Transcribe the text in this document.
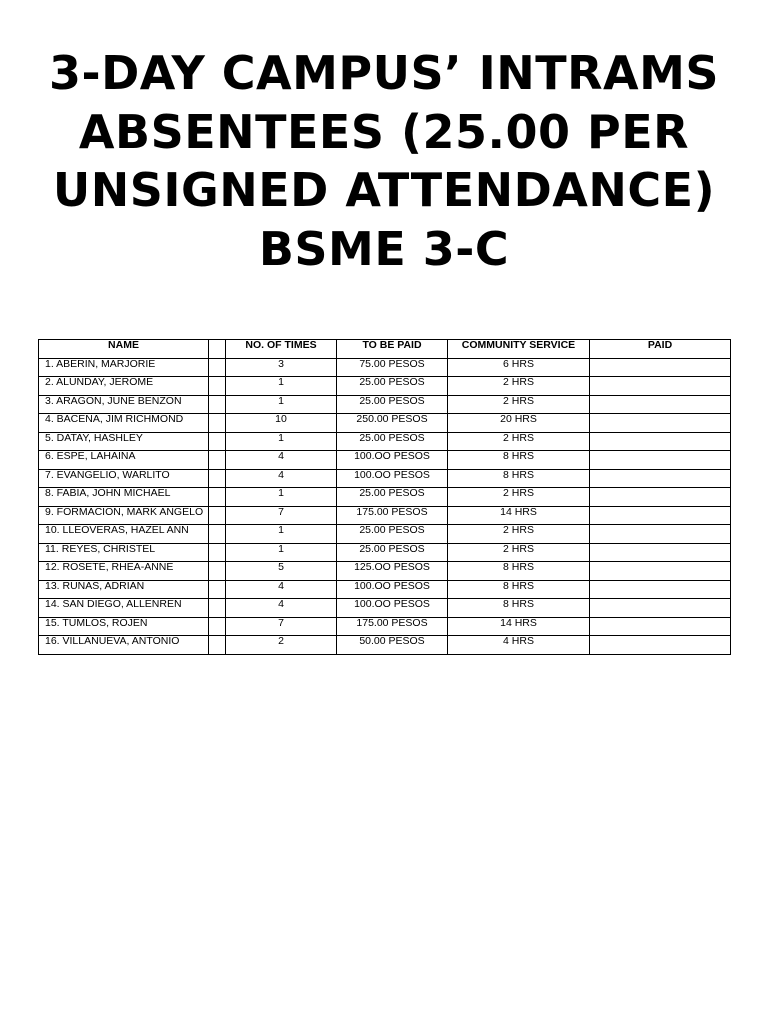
3-DAY CAMPUS’ INTRAMS
ABSENTEES (25.00 PER
UNSIGNED ATTENDANCE)
BSME 3-C
NAME		NO. OF TIMES	TO BE PAID	COMMUNITY SERVICE	PAID
1. ABERIN, MARJORIE		3	75.00 PESOS	6 HRS	
2. ALUNDAY, JEROME		1	25.00 PESOS	2 HRS	
3. ARAGON, JUNE BENZON		1	25.00 PESOS	2 HRS	
4. BACENA, JIM RICHMOND		10	250.00 PESOS	20 HRS	
5. DATAY, HASHLEY		1	25.00 PESOS	2 HRS	
6. ESPE, LAHAINA		4	100.OO PESOS	8 HRS	
7. EVANGELIO, WARLITO		4	100.OO PESOS	8 HRS	
8. FABIA, JOHN MICHAEL		1	25.00 PESOS	2 HRS	
9. FORMACION, MARK ANGELO		7	175.00 PESOS	14 HRS	
10. LLEOVERAS, HAZEL ANN		1	25.00 PESOS	2 HRS	
11. REYES, CHRISTEL		1	25.00 PESOS	2 HRS	
12. ROSETE, RHEA-ANNE		5	125.OO PESOS	8 HRS	
13. RUNAS, ADRIAN		4	100.OO PESOS	8 HRS	
14. SAN DIEGO, ALLENREN		4	100.OO PESOS	8 HRS	
15. TUMLOS, ROJEN		7	175.00 PESOS	14 HRS	
16. VILLANUEVA, ANTONIO		2	50.00 PESOS	4 HRS	
